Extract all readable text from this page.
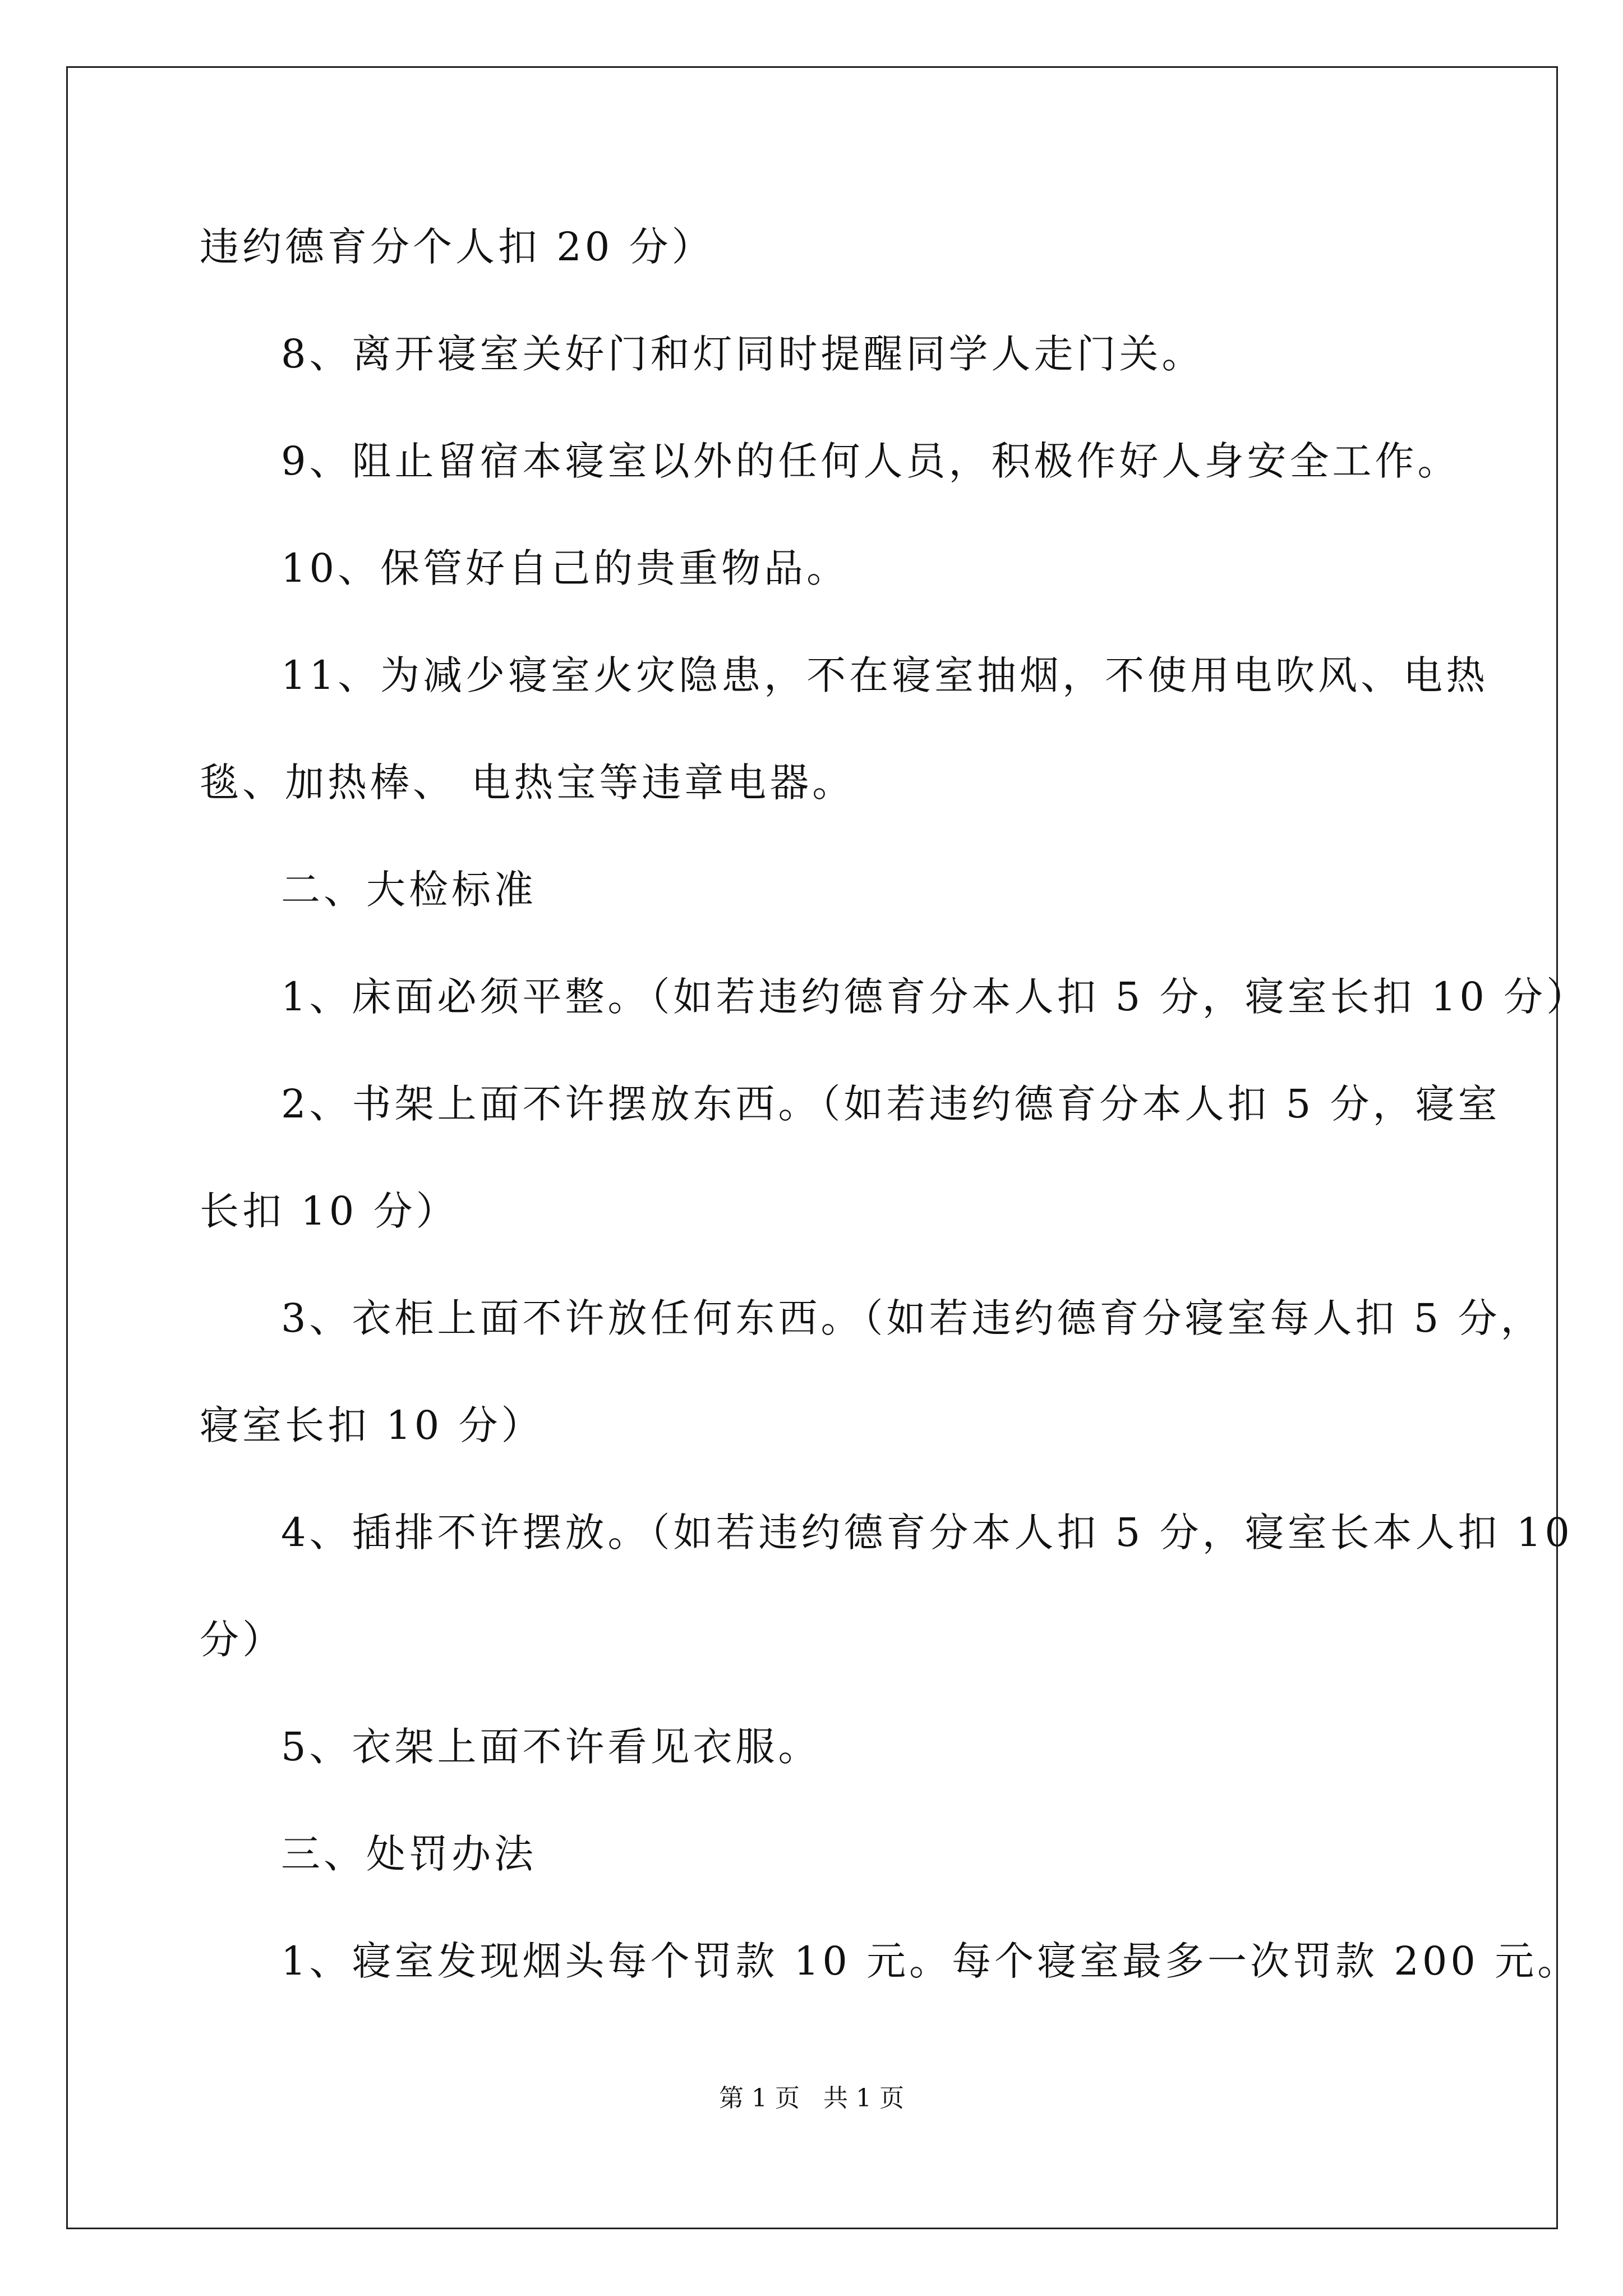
违约德育分个人扣 20 分）
8、离开寝室关好门和灯同时提醒同学人走门关。
9、阻止留宿本寝室以外的任何人员，积极作好人身安全工作。
10、保管好自己的贵重物品。
11、为减少寝室火灾隐患，不在寝室抽烟，不使用电吹风、电热
毯、加热棒、 电热宝等违章电器。
二、大检标准
1、床面必须平整。（如若违约德育分本人扣 5 分，寝室长扣 10 分）
2、书架上面不许摆放东西。（如若违约德育分本人扣 5 分，寝室
长扣 10 分）
3、衣柜上面不许放任何东西。（如若违约德育分寝室每人扣 5 分，
寝室长扣 10 分）
4、插排不许摆放。（如若违约德育分本人扣 5 分，寝室长本人扣 10
分）
5、衣架上面不许看见衣服。
三、处罚办法
1、寝室发现烟头每个罚款 10 元。每个寝室最多一次罚款 200 元。
第 1 页   共 1 页
